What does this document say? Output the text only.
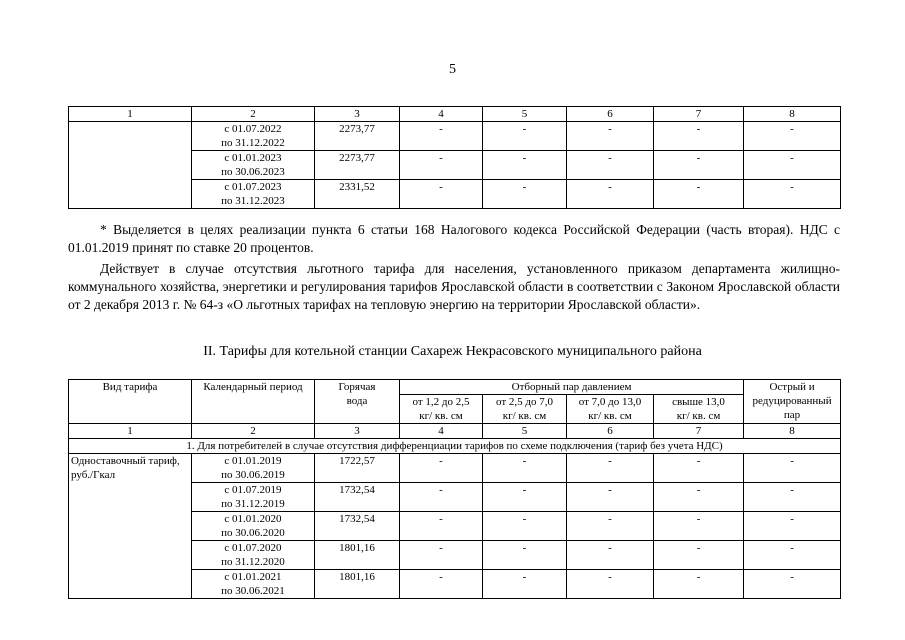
5
1	2	3	4	5	6	7	8

	с 01.07.2022
по 31.12.2022	2273,77	-	-	-	-	-

	с 01.01.2023
по 30.06.2023	2273,77	-	-	-	-	-

	с 01.07.2023
по 31.12.2023	2331,52	-	-	-	-	-

* Выделяется в целях реализации пункта 6 статьи 168 Налогового кодекса Российской Федерации (часть вторая). НДС с 01.01.2019 принят по ставке 20 процентов.

Действует в случае отсутствия льготного тарифа для населения, установленного приказом департамента жилищно-коммунального хозяйства, энергетики и регулирования тарифов Ярославской области в соответствии с Законом Ярославской области от 2 декабря 2013 г. № 64-з «О льготных тарифах на тепловую энергию на территории Ярославской области».

II. Тарифы для котельной станции Сахареж Некрасовского муниципального района
Вид тарифа	Календарный период	Горячая вода	Отборный пар давлением				Острый и редуцированный пар
			от 1,2 до 2,5 кг/ кв. см	от 2,5 до 7,0 кг/ кв. см	от 7,0 до 13,0 кг/ кв. см	свыше 13,0 кг/ кв. см	
1	2	3	4	5	6	7	8
1. Для потребителей в случае отсутствия дифференциации тарифов по схеме подключения (тариф без учета НДС)							
Одноставочный тариф, руб./Гкал	с 01.01.2019
по 30.06.2019	1722,57	-	-	-	-	-

	с 01.07.2019
по 31.12.2019	1732,54	-	-	-	-	-

	с 01.01.2020
по 30.06.2020	1732,54	-	-	-	-	-

	с 01.07.2020
по 31.12.2020	1801,16	-	-	-	-	-

	с 01.01.2021
по 30.06.2021	1801,16	-	-	-	-	-
